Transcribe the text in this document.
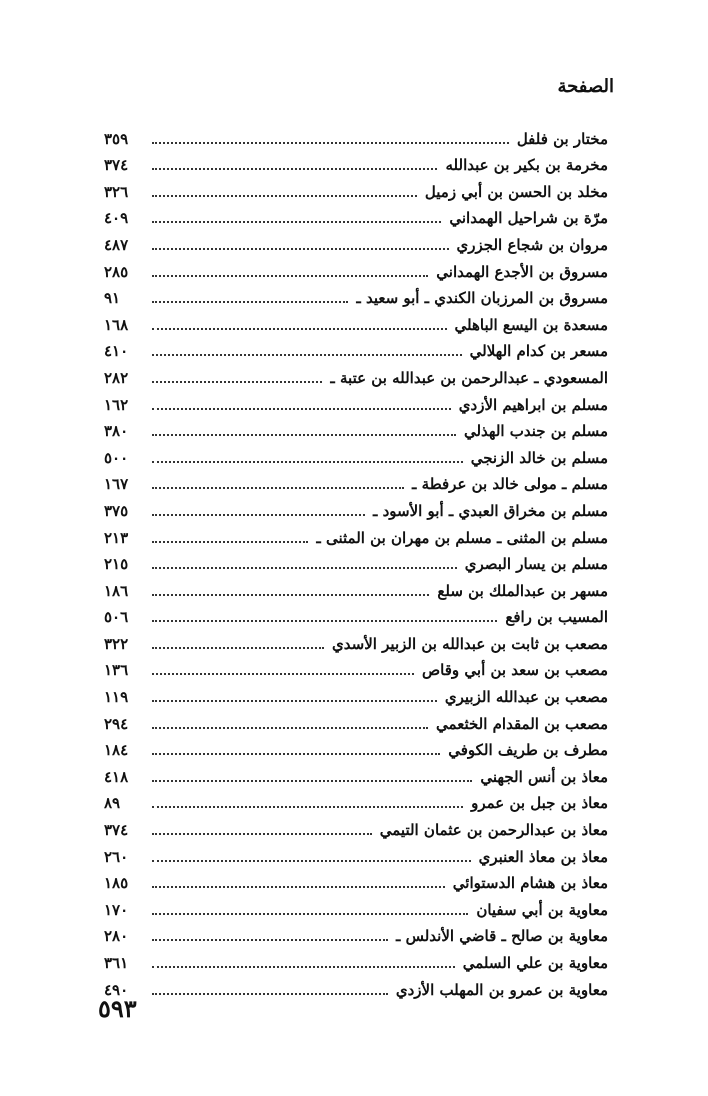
الصفحة
مختار بن فلفل
٣٥٩
مخرمة بن بكير بن عبدالله
٣٧٤
مخلد بن الحسن بن أبي زميل
٣٢٦
مرّة بن شراحيل الهمداني
٤٠٩
مروان بن شجاع الجزري
٤٨٧
مسروق بن الأجدع الهمداني
٢٨٥
مسروق بن المرزبان الكندي ـ أبو سعيد ـ
٩١
مسعدة بن اليسع الباهلي
١٦٨
مسعر بن كدام الهلالي
٤١٠
المسعودي ـ عبدالرحمن بن عبدالله بن عتبة ـ
٢٨٢
مسلم بن ابراهيم الأزدي
١٦٢
مسلم بن جندب الهذلي
٣٨٠
مسلم بن خالد الزنجي
٥٠٠
مسلم ـ مولى خالد بن عرفطة ـ
١٦٧
مسلم بن مخراق العبدي ـ أبو الأسود ـ
٣٧٥
مسلم بن المثنى ـ مسلم بن مهران بن المثنى ـ
٢١٣
مسلم بن يسار البصري
٢١٥
مسهر بن عبدالملك بن سلع
١٨٦
المسيب بن رافع
٥٠٦
مصعب بن ثابت بن عبدالله بن الزبير الأسدي
٣٢٢
مصعب بن سعد بن أبي وقاص
١٣٦
مصعب بن عبدالله الزبيري
١١٩
مصعب بن المقدام الخثعمي
٢٩٤
مطرف بن طريف الكوفي
١٨٤
معاذ بن أنس الجهني
٤١٨
معاذ بن جبل بن عمرو
٨٩
معاذ بن عبدالرحمن بن عثمان التيمي
٣٧٤
معاذ بن معاذ العنبري
٢٦٠
معاذ بن هشام الدستوائي
١٨٥
معاوية بن أبي سفيان
١٧٠
معاوية بن صالح ـ قاضي الأندلس ـ
٢٨٠
معاوية بن علي السلمي
٣٦١
معاوية بن عمرو بن المهلب الأزدي
٤٩٠
٥٩٣
